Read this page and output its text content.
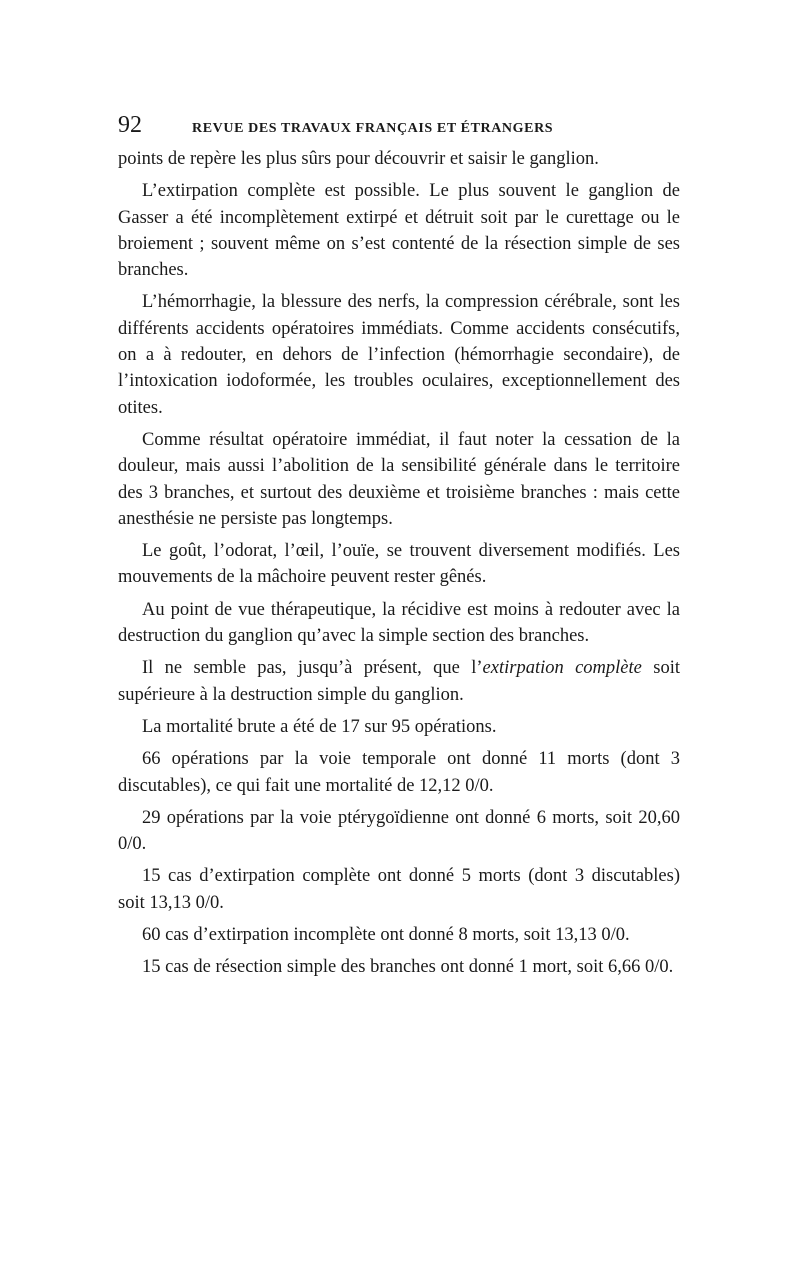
92	REVUE DES TRAVAUX FRANÇAIS ET ÉTRANGERS

points de repère les plus sûrs pour découvrir et saisir le ganglion.

L’extirpation complète est possible. Le plus souvent le ganglion de Gasser a été incomplètement extirpé et détruit soit par le curettage ou le broiement ; souvent même on s’est contenté de la résection simple de ses branches.

L’hémorrhagie, la blessure des nerfs, la compression cérébrale, sont les différents accidents opératoires immédiats. Comme accidents consécutifs, on a à redouter, en dehors de l’infection (hémorrhagie secondaire), de l’intoxication iodoformée, les troubles oculaires, exceptionnellement des otites.

Comme résultat opératoire immédiat, il faut noter la cessation de la douleur, mais aussi l’abolition de la sensibilité générale dans le territoire des 3 branches, et surtout des deuxième et troisième branches : mais cette anesthésie ne persiste pas longtemps.

Le goût, l’odorat, l’œil, l’ouïe, se trouvent diversement modifiés. Les mouvements de la mâchoire peuvent rester gênés.

Au point de vue thérapeutique, la récidive est moins à redouter avec la destruction du ganglion qu’avec la simple section des branches.

Il ne semble pas, jusqu’à présent, que l’extirpation complète soit supérieure à la destruction simple du ganglion.

La mortalité brute a été de 17 sur 95 opérations.

66 opérations par la voie temporale ont donné 11 morts (dont 3 discutables), ce qui fait une mortalité de 12,12 0/0.

29 opérations par la voie ptérygoïdienne ont donné 6 morts, soit 20,60 0/0.

15 cas d’extirpation complète ont donné 5 morts (dont 3 discutables) soit 13,13 0/0.

60 cas d’extirpation incomplète ont donné 8 morts, soit 13,13 0/0.

15 cas de résection simple des branches ont donné 1 mort, soit 6,66 0/0.
